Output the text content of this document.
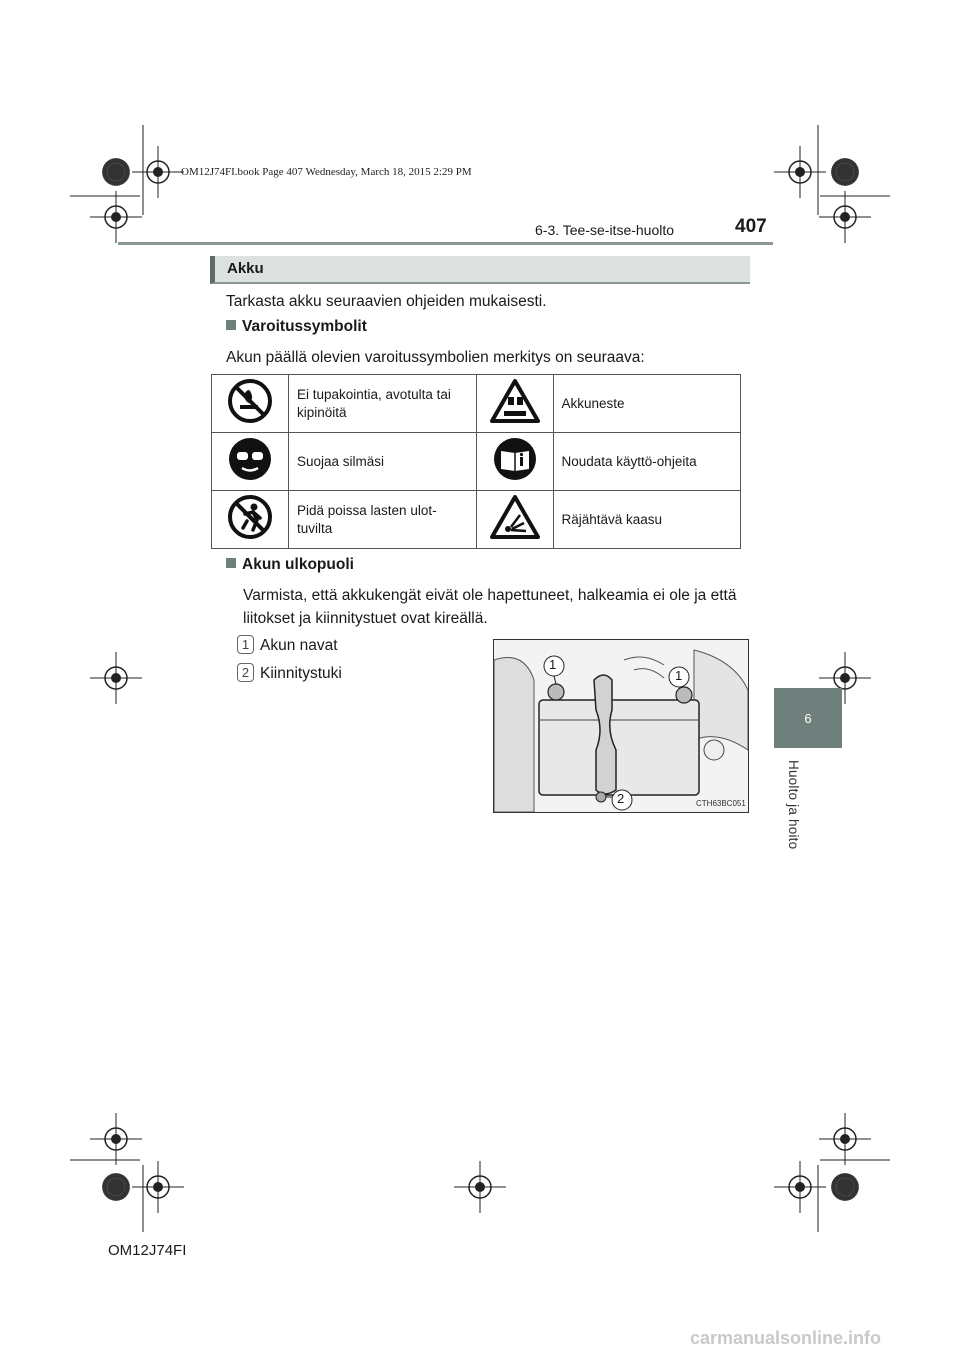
OM12J74FI.book Page 407 Wednesday, March 18, 2015 2:29 PM
6-3. Tee-se-itse-huolto	407
6
Huolto ja hoito
Akku
Tarkasta akku seuraavien ohjeiden mukaisesti.
Varoitussymbolit
Akun päällä olevien varoitussymbolien merkitys on seuraava:
	Ei tupakointia, avotulta tai kipinöitä		Akkuneste
	Suojaa silmäsi		Noudata käyttö-ohjeita
	Pidä poissa lasten ulot-tuvilta		Räjähtävä kaasu
Akun ulkopuoli
Varmista, että akkukengät eivät ole hapettuneet, halkeamia ei ole ja että liitokset ja kiinnitystuet ovat kireällä.
1 Akun navat
2 Kiinnitystuki
1
1
2	CTH63BC051
OM12J74FI
carmanualsonline.info
